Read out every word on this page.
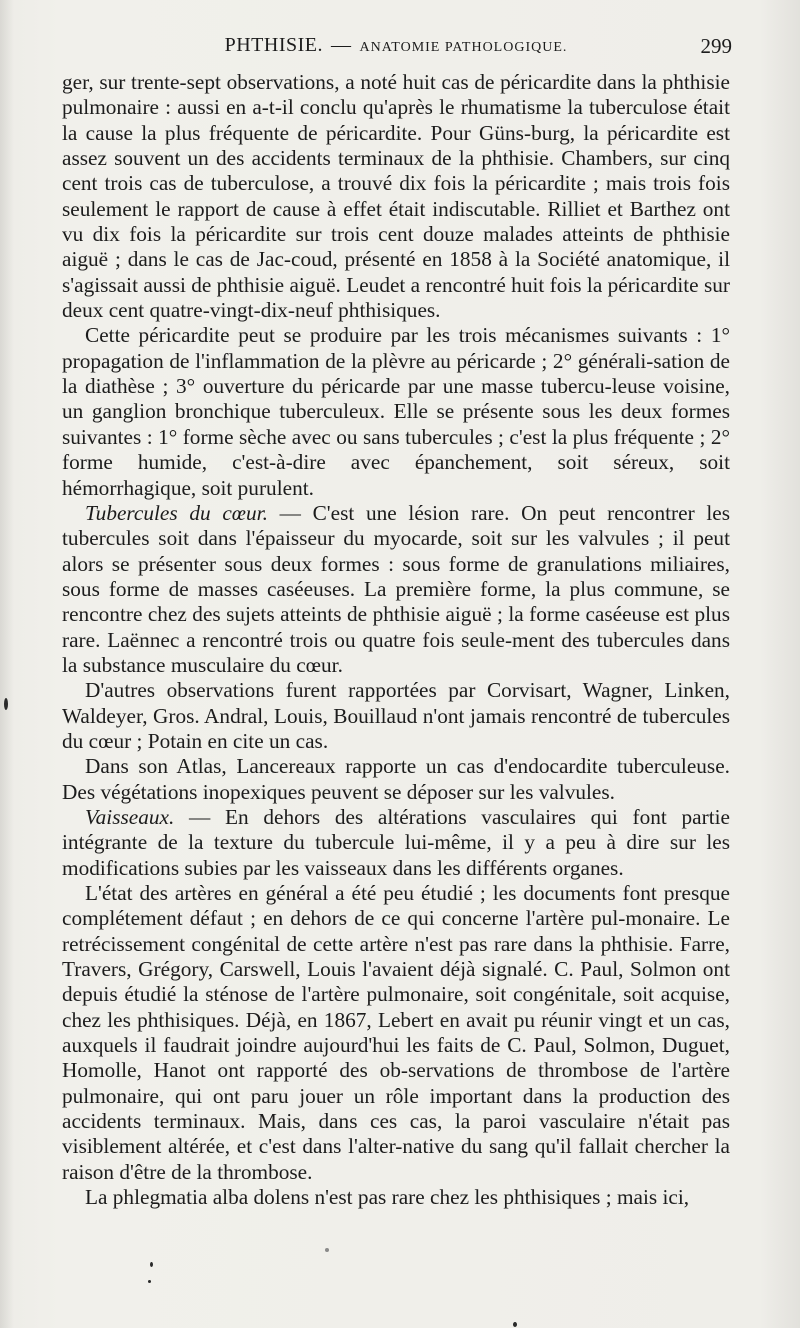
PHTHISIE. — ANATOMIE PATHOLOGIQUE.	299

ger, sur trente-sept observations, a noté huit cas de péricardite dans la phthisie pulmonaire : aussi en a-t-il conclu qu'après le rhumatisme la tuberculose était la cause la plus fréquente de péricardite. Pour Güns-burg, la péricardite est assez souvent un des accidents terminaux de la phthisie. Chambers, sur cinq cent trois cas de tuberculose, a trouvé dix fois la péricardite ; mais trois fois seulement le rapport de cause à effet était indiscutable. Rilliet et Barthez ont vu dix fois la péricardite sur trois cent douze malades atteints de phthisie aiguë ; dans le cas de Jac-coud, présenté en 1858 à la Société anatomique, il s'agissait aussi de phthisie aiguë. Leudet a rencontré huit fois la péricardite sur deux cent quatre-vingt-dix-neuf phthisiques.

Cette péricardite peut se produire par les trois mécanismes suivants : 1° propagation de l'inflammation de la plèvre au péricarde ; 2° générali-sation de la diathèse ; 3° ouverture du péricarde par une masse tubercu-leuse voisine, un ganglion bronchique tuberculeux. Elle se présente sous les deux formes suivantes : 1° forme sèche avec ou sans tubercules ; c'est la plus fréquente ; 2° forme humide, c'est-à-dire avec épanchement, soit séreux, soit hémorrhagique, soit purulent.

Tubercules du cœur. — C'est une lésion rare. On peut rencontrer les tubercules soit dans l'épaisseur du myocarde, soit sur les valvules ; il peut alors se présenter sous deux formes : sous forme de granulations miliaires, sous forme de masses caséeuses. La première forme, la plus commune, se rencontre chez des sujets atteints de phthisie aiguë ; la forme caséeuse est plus rare. Laënnec a rencontré trois ou quatre fois seule-ment des tubercules dans la substance musculaire du cœur.

D'autres observations furent rapportées par Corvisart, Wagner, Linken, Waldeyer, Gros. Andral, Louis, Bouillaud n'ont jamais rencontré de tubercules du cœur ; Potain en cite un cas.

Dans son Atlas, Lancereaux rapporte un cas d'endocardite tuberculeuse. Des végétations inopexiques peuvent se déposer sur les valvules.

Vaisseaux. — En dehors des altérations vasculaires qui font partie intégrante de la texture du tubercule lui-même, il y a peu à dire sur les modifications subies par les vaisseaux dans les différents organes.

L'état des artères en général a été peu étudié ; les documents font presque complétement défaut ; en dehors de ce qui concerne l'artère pul-monaire. Le retrécissement congénital de cette artère n'est pas rare dans la phthisie. Farre, Travers, Grégory, Carswell, Louis l'avaient déjà signalé. C. Paul, Solmon ont depuis étudié la sténose de l'artère pulmonaire, soit congénitale, soit acquise, chez les phthisiques. Déjà, en 1867, Lebert en avait pu réunir vingt et un cas, auxquels il faudrait joindre aujourd'hui les faits de C. Paul, Solmon, Duguet, Homolle, Hanot ont rapporté des ob-servations de thrombose de l'artère pulmonaire, qui ont paru jouer un rôle important dans la production des accidents terminaux. Mais, dans ces cas, la paroi vasculaire n'était pas visiblement altérée, et c'est dans l'alter-native du sang qu'il fallait chercher la raison d'être de la thrombose.

La phlegmatia alba dolens n'est pas rare chez les phthisiques ; mais ici,
